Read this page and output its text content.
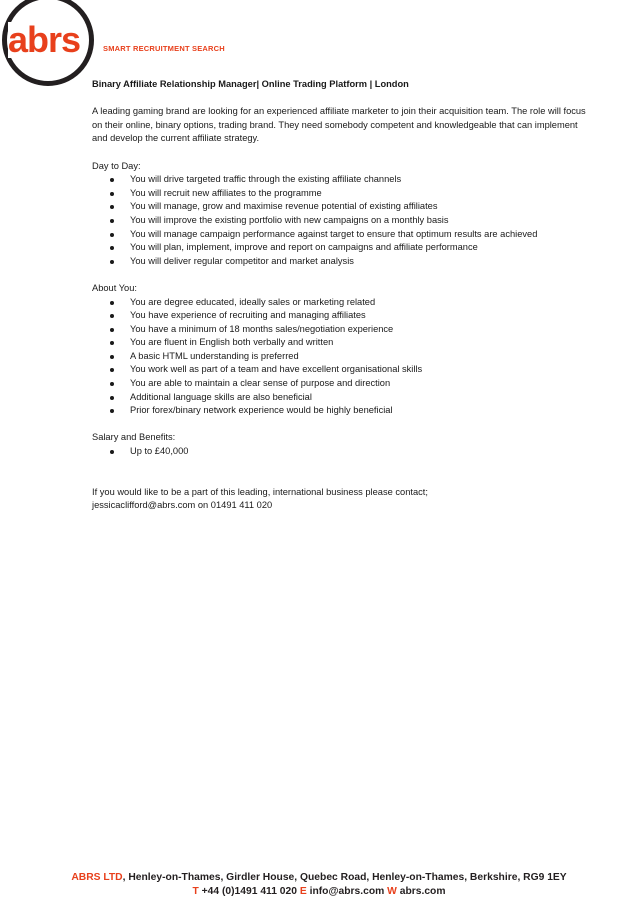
abrs	SMART RECRUITMENT SEARCH

Binary Affiliate Relationship Manager| Online Trading Platform | London

A leading gaming brand are looking for an experienced affiliate marketer to join their acquisition team. The role will focus on their online, binary options, trading brand. They need somebody competent and knowledgeable that can implement and develop the current affiliate strategy.

Day to Day:

You will drive targeted traffic through the existing affiliate channels
You will recruit new affiliates to the programme
You will manage, grow and maximise revenue potential of existing affiliates
You will improve the existing portfolio with new campaigns on a monthly basis
You will manage campaign performance against target to ensure that optimum results are achieved
You will plan, implement, improve and report on campaigns and affiliate performance
You will deliver regular competitor and market analysis

About You:

You are degree educated, ideally sales or marketing related
You have experience of recruiting and managing affiliates
You have a minimum of 18 months sales/negotiation experience
You are fluent in English both verbally and written
A basic HTML understanding is preferred
You work well as part of a team and have excellent organisational skills
You are able to maintain a clear sense of purpose and direction
Additional language skills are also beneficial
Prior forex/binary network experience would be highly beneficial

Salary and Benefits:

Up to £40,000

If you would like to be a part of this leading, international business please contact;

jessicaclifford@abrs.com on 01491 411 020

ABRS LTD, Henley-on-Thames, Girdler House, Quebec Road, Henley-on-Thames, Berkshire, RG9 1EY
T +44 (0)1491 411 020 E info@abrs.com W abrs.com
